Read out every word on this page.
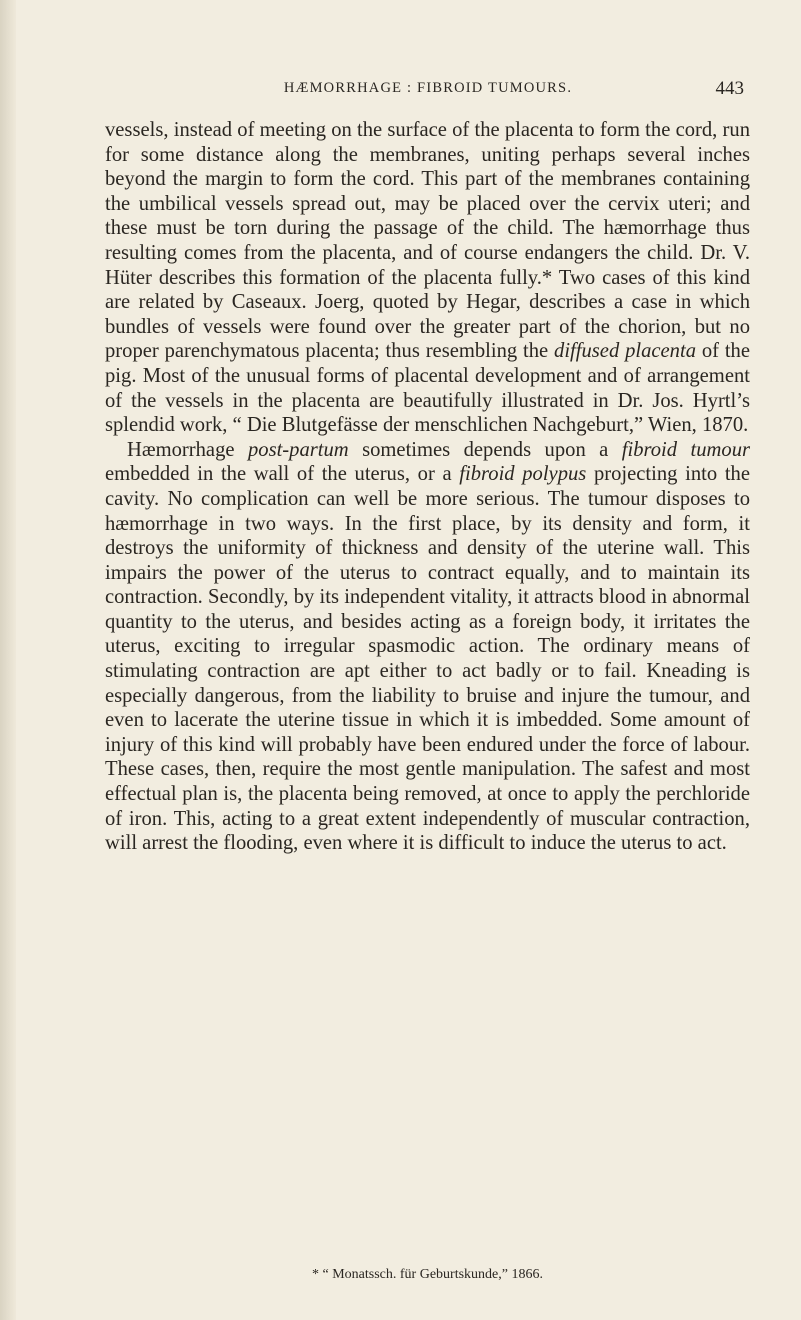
HÆMORRHAGE : FIBROID TUMOURS.	443

vessels, instead of meeting on the surface of the placenta to form the cord, run for some distance along the membranes, uniting perhaps several inches beyond the margin to form the cord. This part of the membranes containing the umbilical vessels spread out, may be placed over the cervix uteri; and these must be torn during the passage of the child. The hæmorrhage thus resulting comes from the placenta, and of course endangers the child. Dr. V. Hüter describes this formation of the placenta fully.* Two cases of this kind are related by Caseaux. Joerg, quoted by Hegar, describes a case in which bundles of vessels were found over the greater part of the chorion, but no proper parenchymatous placenta; thus resembling the diffused placenta of the pig. Most of the unusual forms of placental development and of arrangement of the vessels in the placenta are beautifully illustrated in Dr. Jos. Hyrtl’s splendid work, “ Die Blutgefässe der menschlichen Nachgeburt,” Wien, 1870.

Hæmorrhage post-partum sometimes depends upon a fibroid tumour embedded in the wall of the uterus, or a fibroid polypus projecting into the cavity. No complication can well be more serious. The tumour disposes to hæmorrhage in two ways. In the first place, by its density and form, it destroys the uniformity of thickness and density of the uterine wall. This impairs the power of the uterus to contract equally, and to maintain its contraction. Secondly, by its independent vitality, it attracts blood in abnormal quantity to the uterus, and besides acting as a foreign body, it irritates the uterus, exciting to irregular spasmodic action. The ordinary means of stimulating contraction are apt either to act badly or to fail. Kneading is especially dangerous, from the liability to bruise and injure the tumour, and even to lacerate the uterine tissue in which it is imbedded. Some amount of injury of this kind will probably have been endured under the force of labour. These cases, then, require the most gentle manipulation. The safest and most effectual plan is, the placenta being removed, at once to apply the perchloride of iron. This, acting to a great extent independently of muscular contraction, will arrest the flooding, even where it is difficult to induce the uterus to act.

* “ Monatssch. für Geburtskunde,” 1866.
